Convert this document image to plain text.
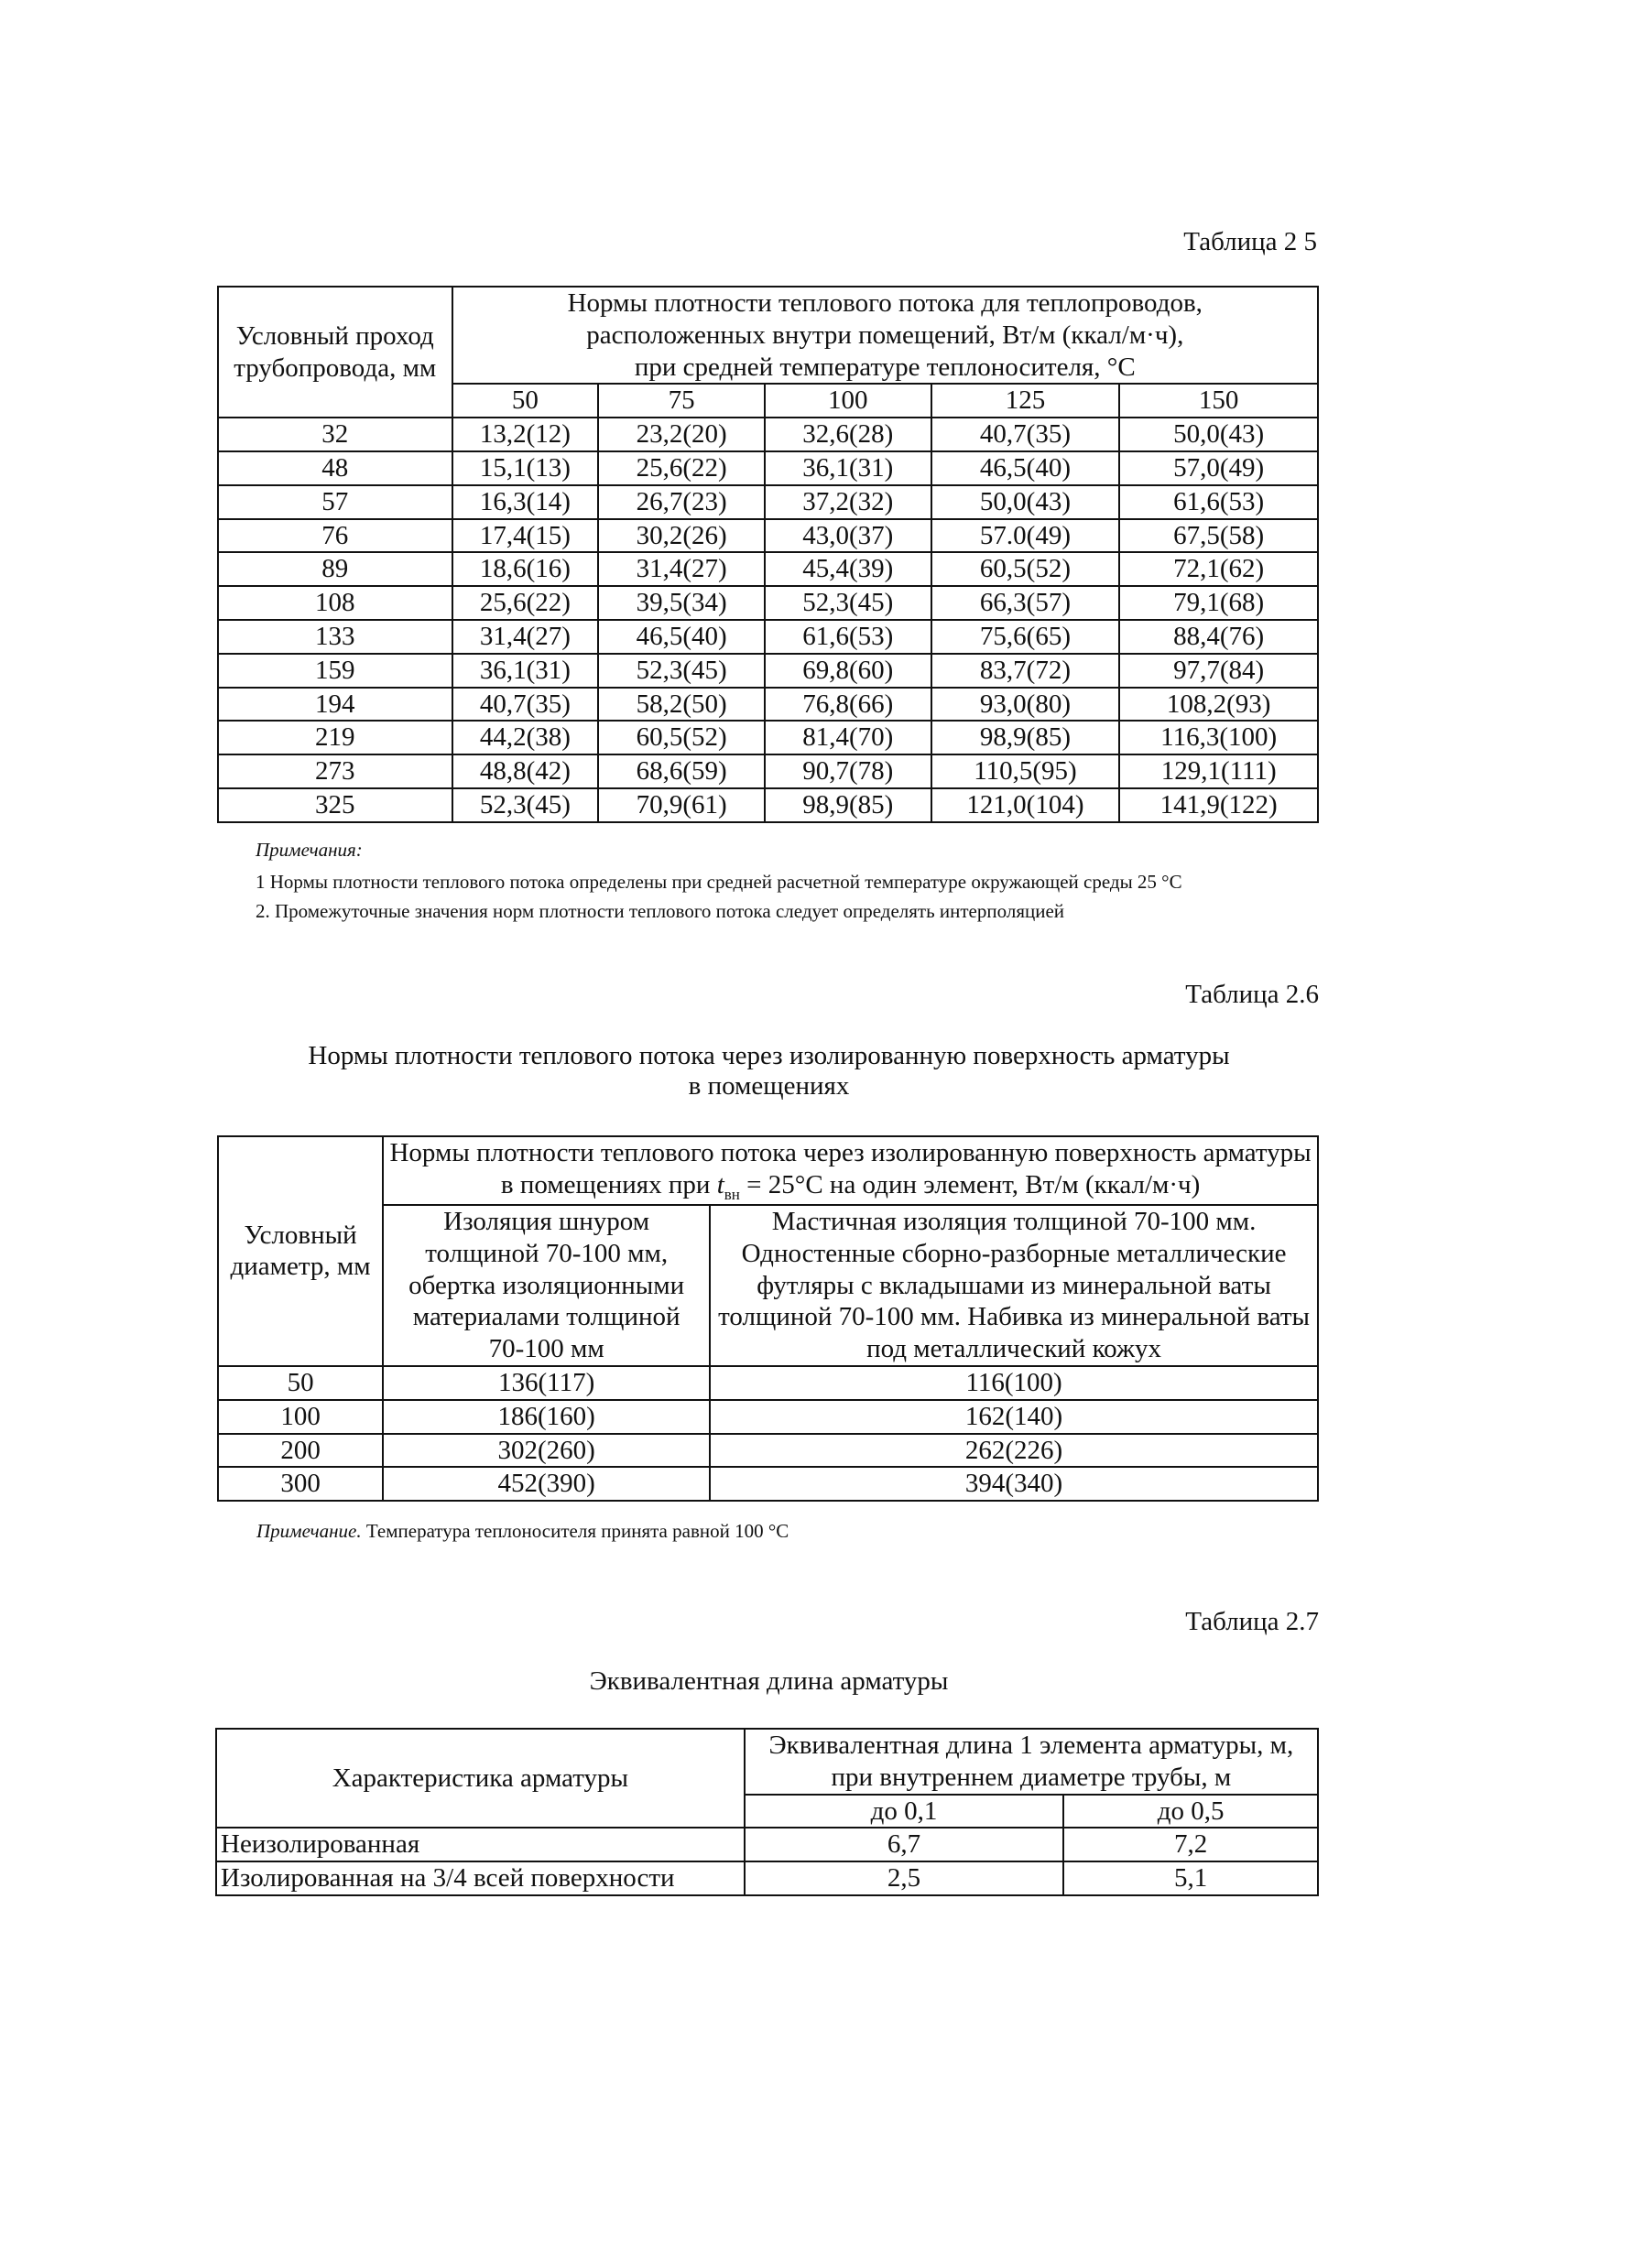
Таблица 2 5
Условный проход трубопровода, мм	Нормы плотности теплового потока для теплопроводов,
расположенных внутри помещений, Вт/м (ккал/м·ч),
при средней температуре теплоносителя, °С				

	50	75	100	125	150
32	13,2(12)	23,2(20)	32,6(28)	40,7(35)	50,0(43)
48	15,1(13)	25,6(22)	36,1(31)	46,5(40)	57,0(49)
57	16,3(14)	26,7(23)	37,2(32)	50,0(43)	61,6(53)
76	17,4(15)	30,2(26)	43,0(37)	57.0(49)	67,5(58)
89	18,6(16)	31,4(27)	45,4(39)	60,5(52)	72,1(62)
108	25,6(22)	39,5(34)	52,3(45)	66,3(57)	79,1(68)
133	31,4(27)	46,5(40)	61,6(53)	75,6(65)	88,4(76)
159	36,1(31)	52,3(45)	69,8(60)	83,7(72)	97,7(84)
194	40,7(35)	58,2(50)	76,8(66)	93,0(80)	108,2(93)
219	44,2(38)	60,5(52)	81,4(70)	98,9(85)	116,3(100)
273	48,8(42)	68,6(59)	90,7(78)	110,5(95)	129,1(111)
325	52,3(45)	70,9(61)	98,9(85)	121,0(104)	141,9(122)
Примечания:
1 Нормы плотности теплового потока определены при средней расчетной температуре окружающей среды 25 °С
2. Промежуточные значения норм плотности теплового потока следует определять интерполяцией
Таблица 2.6
Нормы плотности теплового потока через изолированную поверхность арматуры
в помещениях
Условный диаметр, мм	Нормы плотности теплового потока через изолированную поверхность арматуры
в помещениях при $t_{вн} = 25^\circ С$ на один элемент, Вт/м (ккал/м·ч)	

	Изоляция шнуром толщиной 70-100 мм, обертка изоляционными материалами толщиной 70-100 мм	Мастичная изоляция толщиной 70-100 мм. Одностенные сборно-разборные металлические футляры с вкладышами из минеральной ваты толщиной 70-100 мм. Набивка из минеральной ваты под металлический кожух
50	136(117)	116(100)
100	186(160)	162(140)
200	302(260)	262(226)
300	452(390)	394(340)
Примечание. Температура теплоносителя принята равной 100 °С
Таблица 2.7
Эквивалентная длина арматуры
Характеристика арматуры	Эквивалентная длина 1 элемента арматуры, м,
при внутреннем диаметре трубы, м	

	до 0,1	до 0,5
Неизолированная	6,7	7,2
Изолированная на 3/4 всей поверхности	2,5	5,1
